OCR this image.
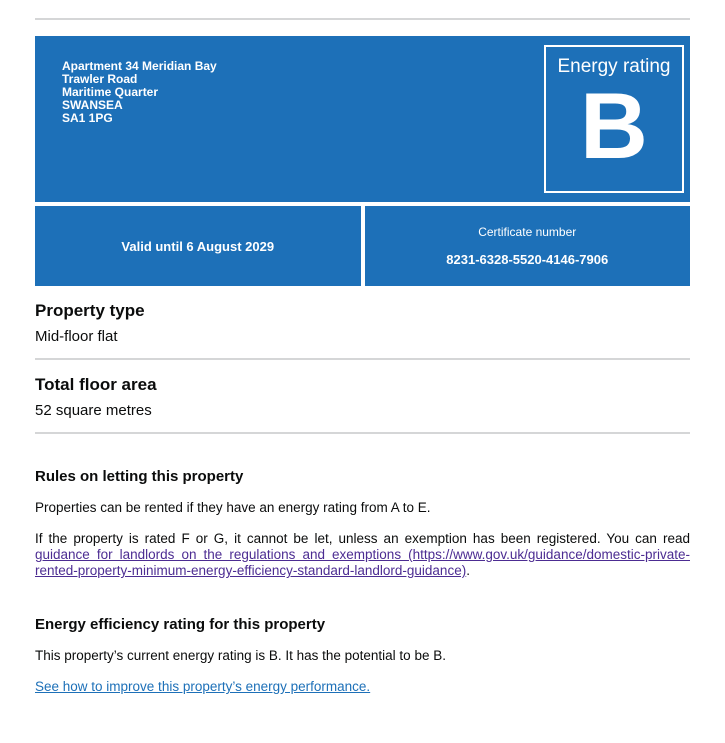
Apartment 34 Meridian Bay
Trawler Road
Maritime Quarter
SWANSEA
SA1 1PG
Energy rating
B
Valid until 6 August 2029
Certificate number
8231-6328-5520-4146-7906
Property type
Mid-floor flat
Total floor area
52 square metres
Rules on letting this property

Properties can be rented if they have an energy rating from A to E.

If the property is rated F or G, it cannot be let, unless an exemption has been registered. You can read guidance for landlords on the regulations and exemptions (https://www.gov.uk/guidance/domestic-private-rented-property-minimum-energy-efficiency-standard-landlord-guidance).

Energy efficiency rating for this property

This property’s current energy rating is B. It has the potential to be B.

See how to improve this property’s energy performance.
